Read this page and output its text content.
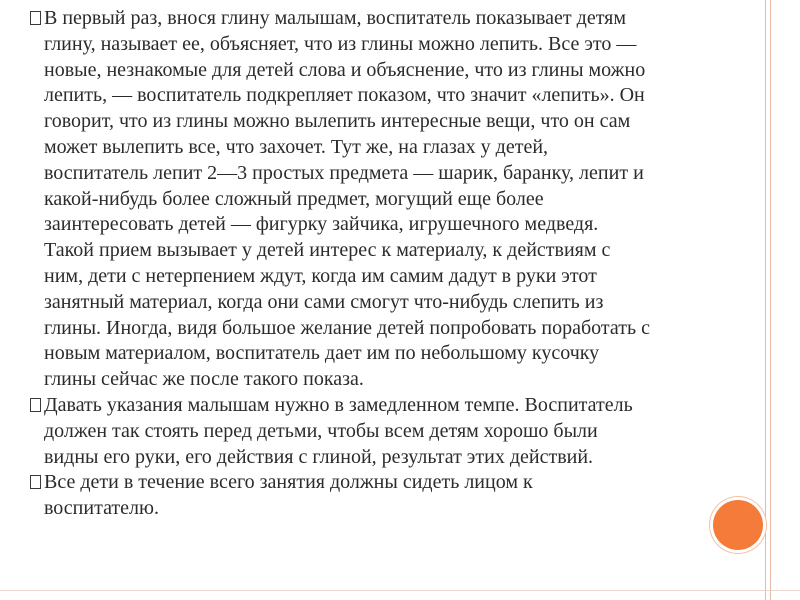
В первый раз, внося глину малышам, воспитатель показывает детям
глину, называет ее, объясняет, что из глины можно лепить. Все это —
новые, незнакомые для детей слова и объяснение, что из глины можно
лепить, — воспитатель подкрепляет показом, что значит «лепить». Он
говорит, что из глины можно вылепить интересные вещи, что он сам
может вылепить все, что захочет. Тут же, на глазах у детей,
воспитатель лепит 2—3 простых предмета — шарик, баранку, лепит и
какой-нибудь более сложный предмет, могущий еще более
заинтересовать детей — фигурку зайчика, игрушечного медведя.
Такой прием вызывает у детей интерес к материалу, к действиям с
ним, дети с нетерпением ждут, когда им самим дадут в руки этот
занятный материал, когда они сами смогут что-нибудь слепить из
глины. Иногда, видя большое желание детей попробовать поработать с
новым материалом, воспитатель дает им по небольшому кусочку
глины сейчас же после такого показа.
Давать указания малышам нужно в замедленном темпе. Воспитатель
должен так стоять перед детьми, чтобы всем детям хорошо были
видны его руки, его действия с глиной, результат этих действий.
Все дети в течение всего занятия должны сидеть лицом к
воспитателю.
